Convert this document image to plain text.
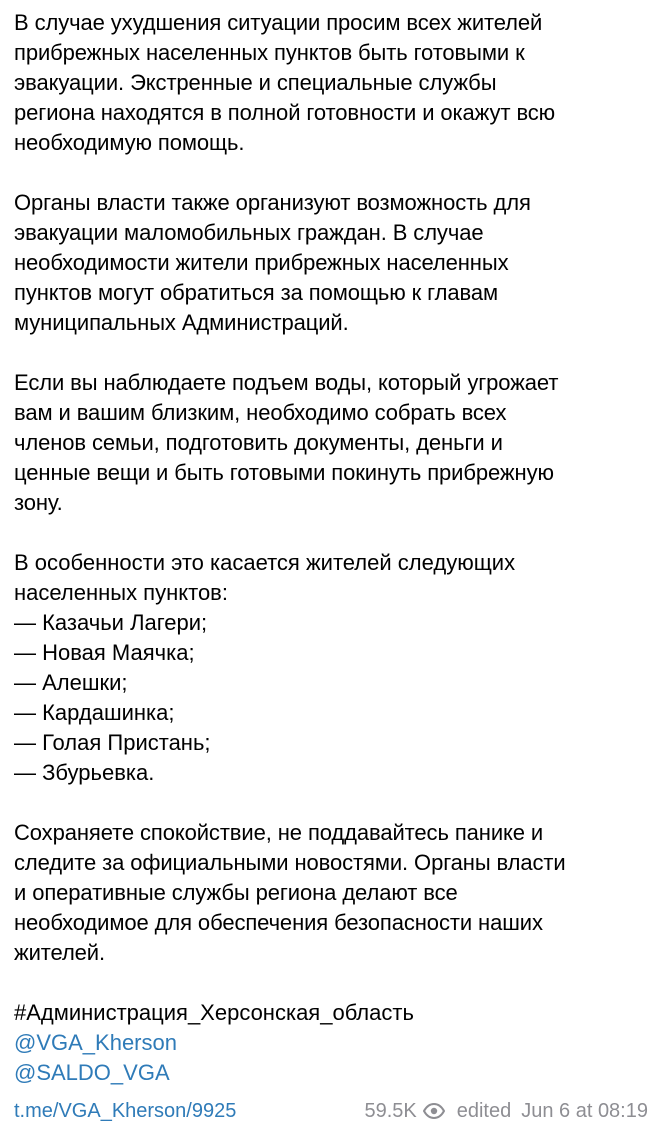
В случае ухудшения ситуации просим всех жителей
прибрежных населенных пунктов быть готовыми к
эвакуации. Экстренные и специальные службы
региона находятся в полной готовности и окажут всю
необходимую помощь.

Органы власти также организуют возможность для
эвакуации маломобильных граждан. В случае
необходимости жители прибрежных населенных
пунктов могут обратиться за помощью к главам
муниципальных Администраций.

Если вы наблюдаете подъем воды, который угрожает
вам и вашим близким, необходимо собрать всех
членов семьи, подготовить документы, деньги и
ценные вещи и быть готовыми покинуть прибрежную
зону.

В особенности это касается жителей следующих
населенных пунктов:
— Казачьи Лагери;
— Новая Маячка;
— Алешки;
— Кардашинка;
— Голая Пристань;
— Збурьевка.

Сохраняете спокойствие, не поддавайтесь панике и
следите за официальными новостями. Органы власти
и оперативные службы региона делают все
необходимое для обеспечения безопасности наших
жителей.

#Администрация_Херсонская_область
@VGA_Kherson
@SALDO_VGA
t.me/VGA_Kherson/9925	59.5K edited Jun 6 at 08:19
